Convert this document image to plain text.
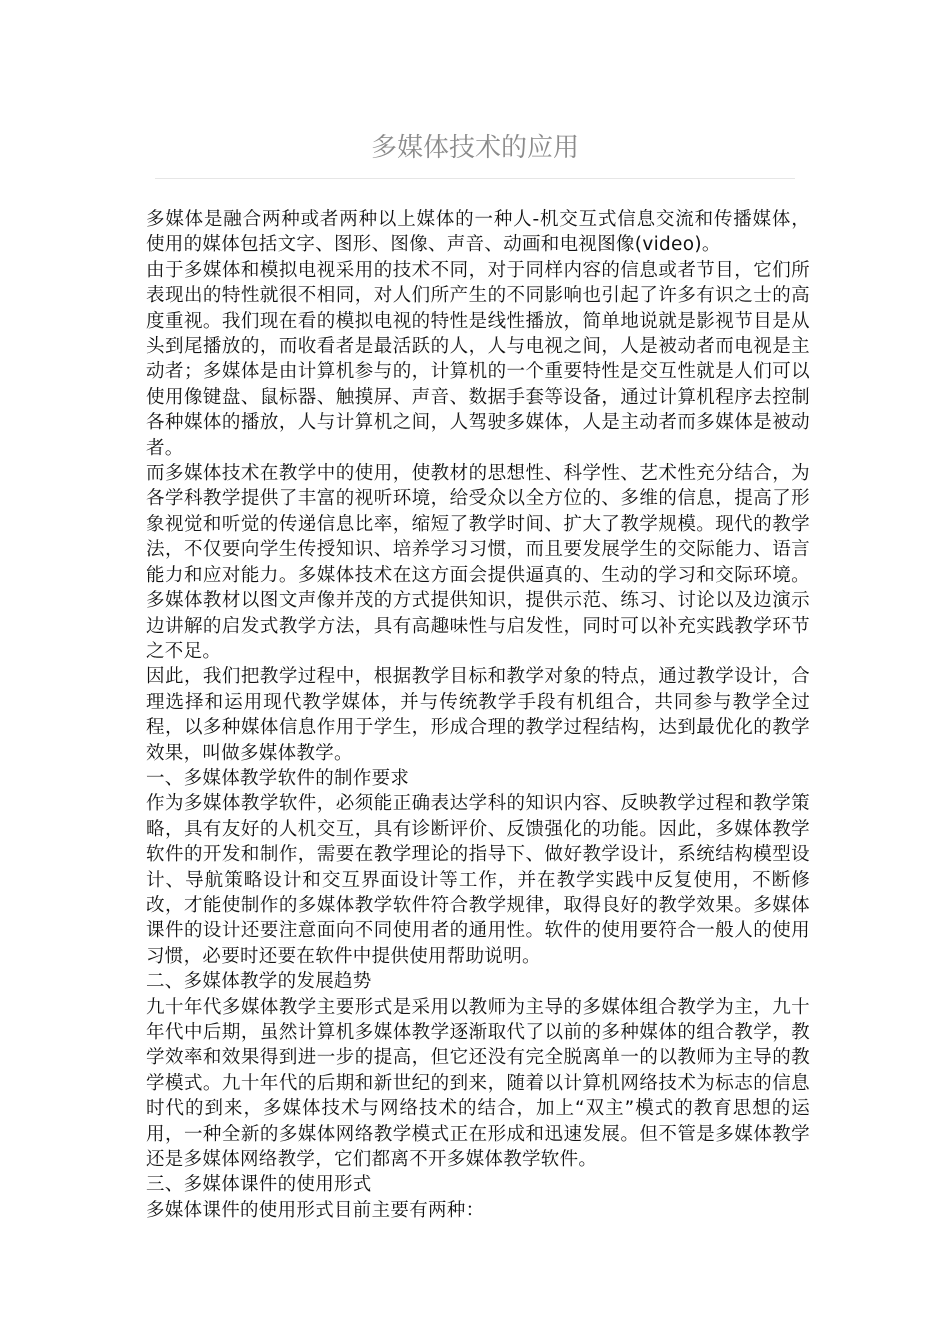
多媒体技术的应用

多媒体是融合两种或者两种以上媒体的一种人-机交互式信息交流和传播媒体，使用的媒体包括文字、图形、图像、声音、动画和电视图像(video)。

由于多媒体和模拟电视采用的技术不同，对于同样内容的信息或者节目，它们所表现出的特性就很不相同，对人们所产生的不同影响也引起了许多有识之士的高度重视。我们现在看的模拟电视的特性是线性播放，简单地说就是影视节目是从头到尾播放的，而收看者是最活跃的人，人与电视之间，人是被动者而电视是主动者；多媒体是由计算机参与的，计算机的一个重要特性是交互性就是人们可以使用像键盘、鼠标器、触摸屏、声音、数据手套等设备，通过计算机程序去控制各种媒体的播放，人与计算机之间，人驾驶多媒体，人是主动者而多媒体是被动者。

而多媒体技术在教学中的使用，使教材的思想性、科学性、艺术性充分结合，为各学科教学提供了丰富的视听环境，给受众以全方位的、多维的信息，提高了形象视觉和听觉的传递信息比率，缩短了教学时间、扩大了教学规模。现代的教学法，不仅要向学生传授知识、培养学习习惯，而且要发展学生的交际能力、语言能力和应对能力。多媒体技术在这方面会提供逼真的、生动的学习和交际环境。多媒体教材以图文声像并茂的方式提供知识，提供示范、练习、讨论以及边演示边讲解的启发式教学方法，具有高趣味性与启发性，同时可以补充实践教学环节之不足。

因此，我们把教学过程中，根据教学目标和教学对象的特点，通过教学设计，合理选择和运用现代教学媒体，并与传统教学手段有机组合，共同参与教学全过程，以多种媒体信息作用于学生，形成合理的教学过程结构，达到最优化的教学效果，叫做多媒体教学。

一、多媒体教学软件的制作要求

作为多媒体教学软件，必须能正确表达学科的知识内容、反映教学过程和教学策略，具有友好的人机交互，具有诊断评价、反馈强化的功能。因此，多媒体教学软件的开发和制作，需要在教学理论的指导下、做好教学设计，系统结构模型设计、导航策略设计和交互界面设计等工作，并在教学实践中反复使用，不断修改，才能使制作的多媒体教学软件符合教学规律，取得良好的教学效果。多媒体课件的设计还要注意面向不同使用者的通用性。软件的使用要符合一般人的使用习惯，必要时还要在软件中提供使用帮助说明。

二、多媒体教学的发展趋势

九十年代多媒体教学主要形式是采用以教师为主导的多媒体组合教学为主，九十年代中后期，虽然计算机多媒体教学逐渐取代了以前的多种媒体的组合教学，教学效率和效果得到进一步的提高，但它还没有完全脱离单一的以教师为主导的教学模式。九十年代的后期和新世纪的到来，随着以计算机网络技术为标志的信息时代的到来，多媒体技术与网络技术的结合，加上“双主”模式的教育思想的运用，一种全新的多媒体网络教学模式正在形成和迅速发展。但不管是多媒体教学还是多媒体网络教学，它们都离不开多媒体教学软件。

三、多媒体课件的使用形式

多媒体课件的使用形式目前主要有两种：
